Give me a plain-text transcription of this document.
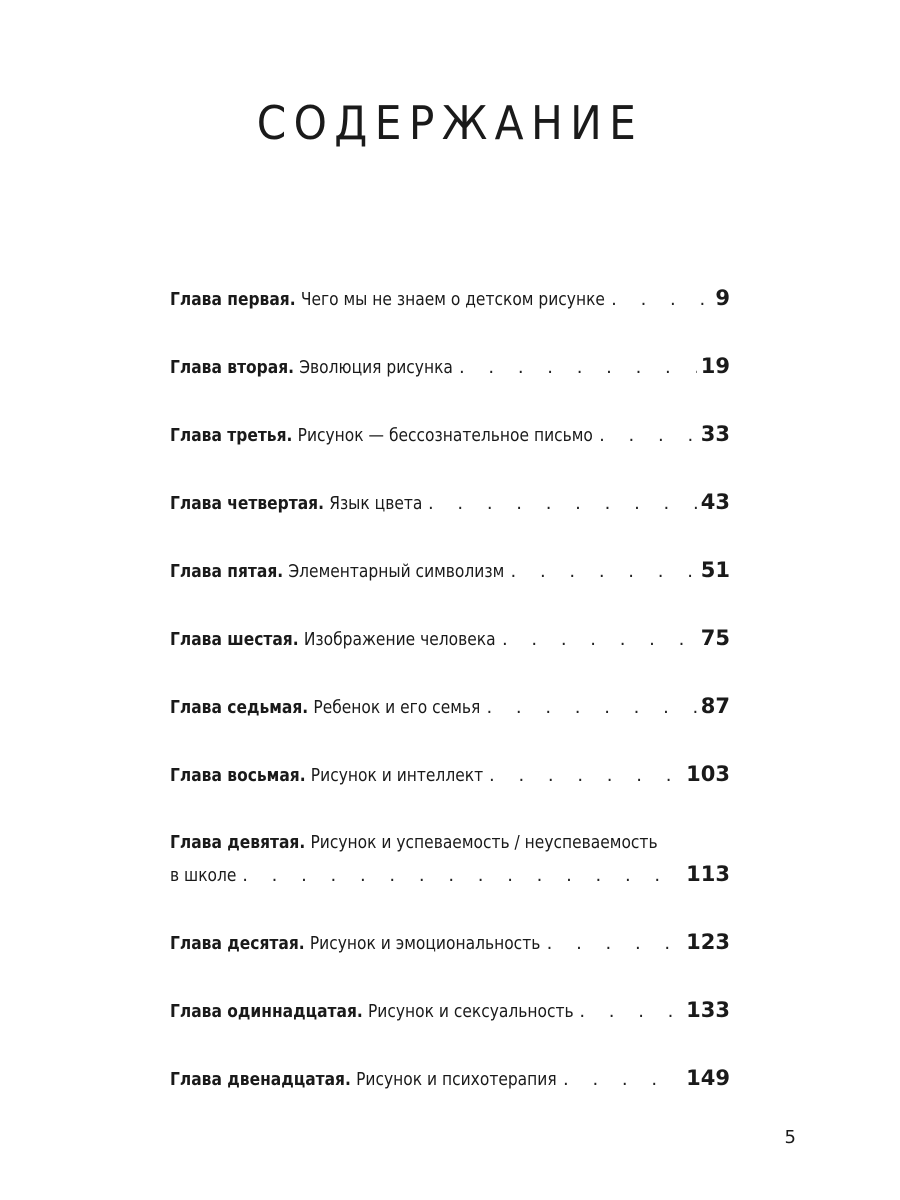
СОДЕРЖАНИЕ
Глава первая. Чего мы не знаем о детском рисунке . . .	9
Глава вторая. Эволюция рисунка . . .	19
Глава третья. Рисунок — бессознательное письмо . . .	33
Глава четвертая. Язык цвета . . .	43
Глава пятая. Элементарный символизм . . .	51
Глава шестая. Изображение человека . . .	75
Глава седьмая. Ребенок и его семья . . .	87
Глава восьмая. Рисунок и интеллект . . .	103
Глава девятая. Рисунок и успеваемость / неуспеваемость
в школе . . .	113
Глава десятая. Рисунок и эмоциональность . . .	123
Глава одиннадцатая. Рисунок и сексуальность . . .	133
Глава двенадцатая. Рисунок и психотерапия . . .	149
5
